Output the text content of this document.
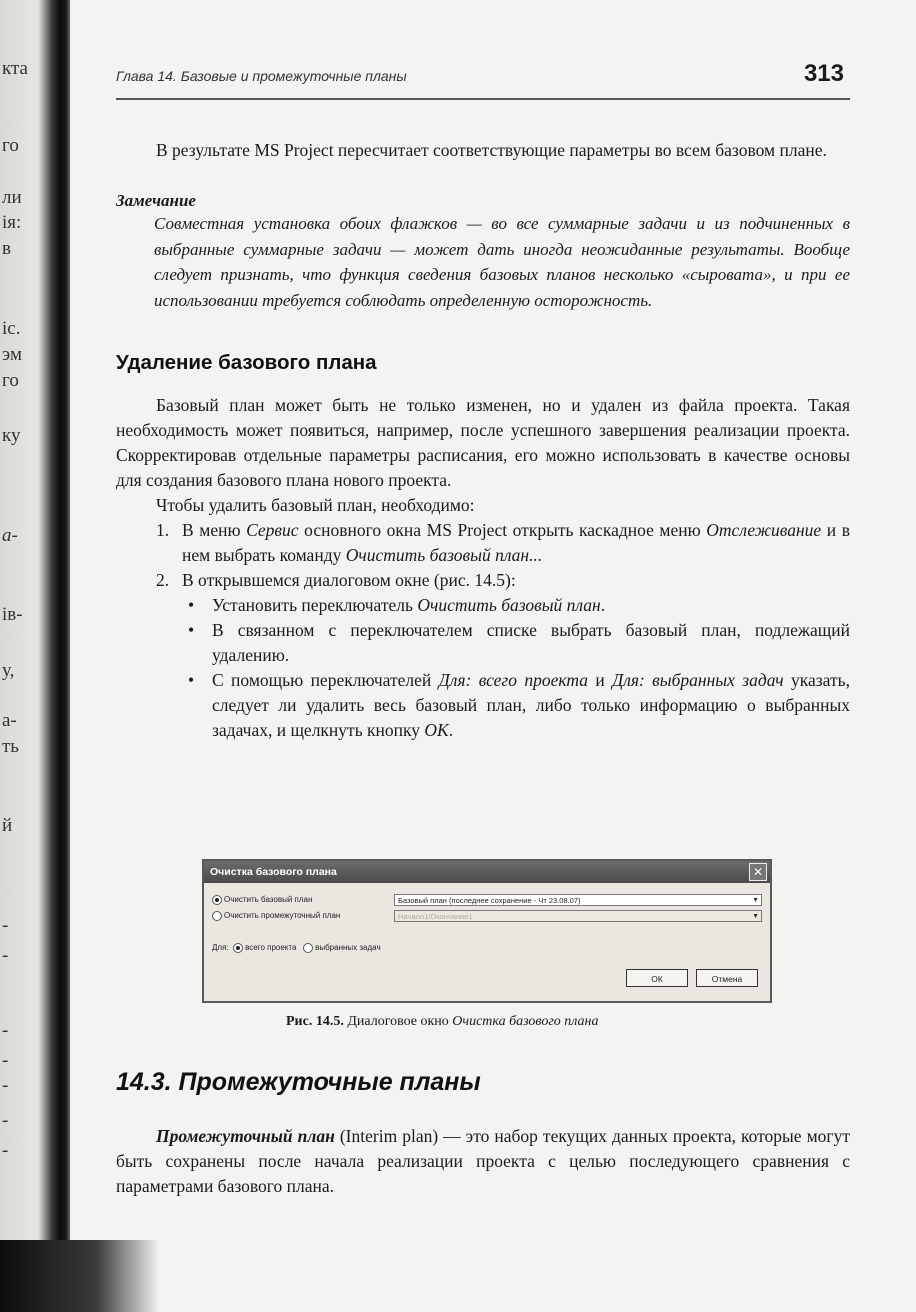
кта
го
ли
ія:
в
іс.
эм
го
ку
а-
ів-
у,
а-
ть
й
-
-
-
-
-
-
-
Глава 14. Базовые и промежуточные планы	313

В результате MS Project пересчитает соответствующие параметры во всем базовом плане.

Замечание
Совместная установка обоих флажков — во все суммарные задачи и из подчиненных в выбранные суммарные задачи — может дать иногда неожиданные результаты. Вообще следует признать, что функция сведения базовых планов несколько «сыровата», и при ее использовании требуется соблюдать определенную осторожность.
Удаление базового плана

Базовый план может быть не только изменен, но и удален из файла проекта. Такая необходимость может появиться, например, после успешного завершения реализации проекта. Скорректировав отдельные параметры расписания, его можно использовать в качестве основы для создания базового плана нового проекта.

Чтобы удалить базовый план, необходимо:

1. В меню Сервис основного окна MS Project открыть каскадное меню Отслеживание и в нем выбрать команду Очистить базовый план...
2. В открывшемся диалоговом окне (рис. 14.5):
• Установить переключатель Очистить базовый план.
• В связанном с переключателем списке выбрать базовый план, подлежащий удалению.
• С помощью переключателей Для: всего проекта и Для: выбранных задач указать, следует ли удалить весь базовый план, либо только информацию о выбранных задачах, и щелкнуть кнопку ОК.
Очистка базового плана	✕
Очистить базовый план	Базовый план (последнее сохранение - Чт 23.08.07)	▼
Очистить промежуточный план	Начало1/Окончание1	▼
Для: всего проекта выбранных задач
ОК	Отмена
Рис. 14.5. Диалоговое окно Очистка базового плана
14.3. Промежуточные планы

Промежуточный план (Interim plan) — это набор текущих данных проекта, которые могут быть сохранены после начала реализации проекта с целью последующего сравнения с параметрами базового плана.
